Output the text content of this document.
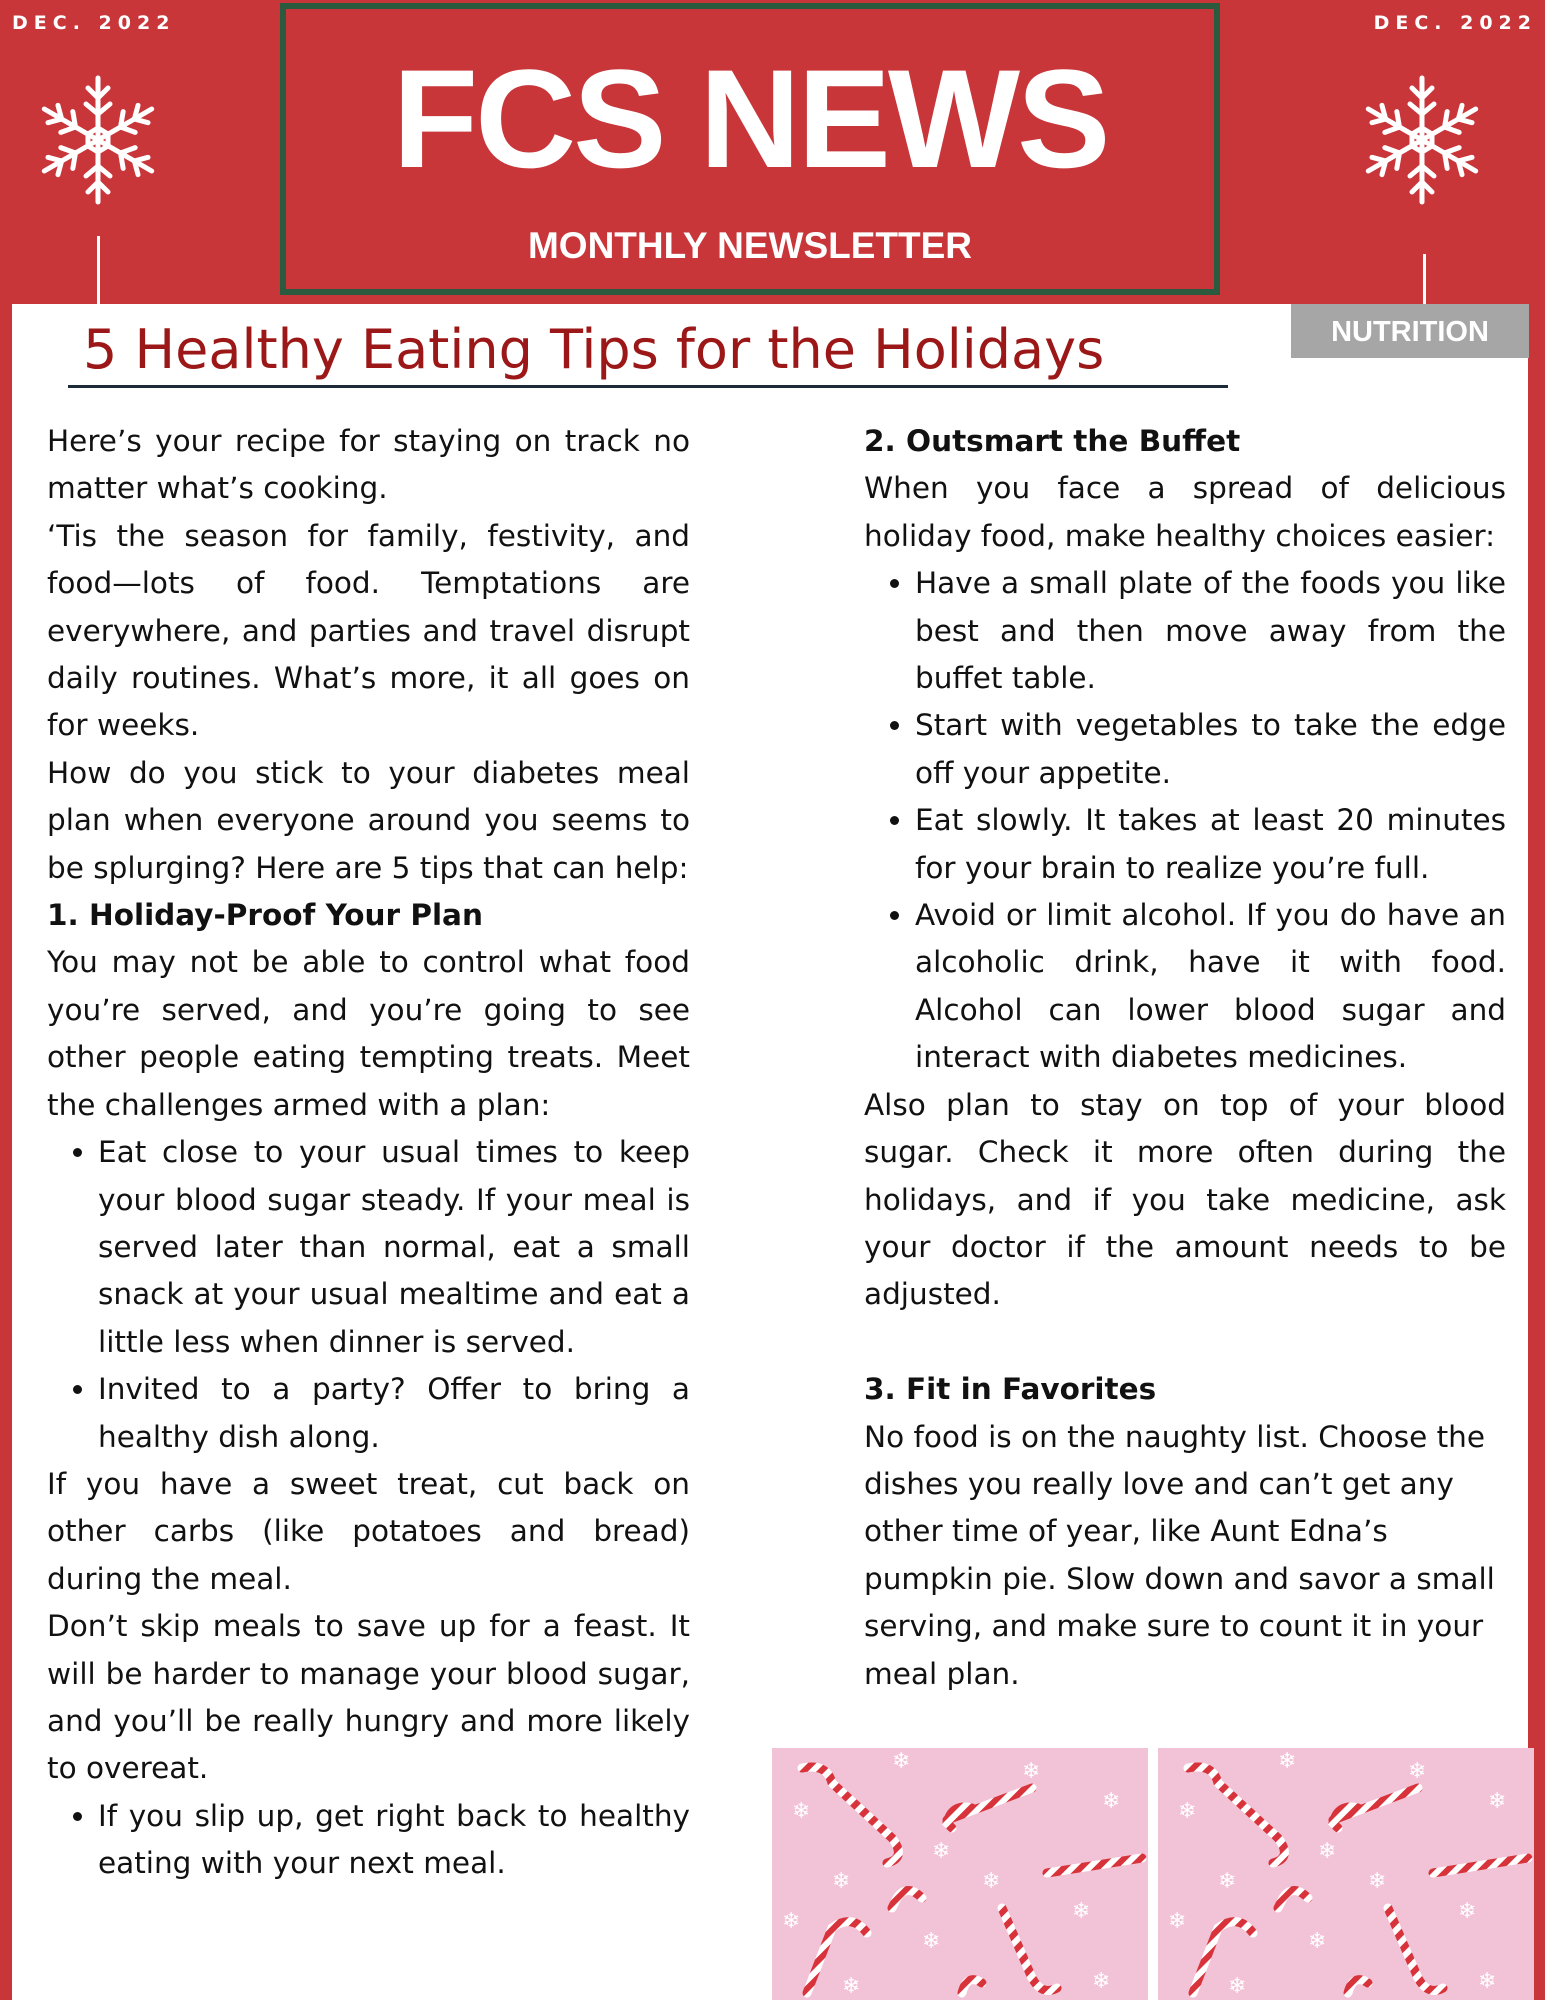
DEC. 2022	DEC. 2022
FCS NEWS
MONTHLY NEWSLETTER
NUTRITION
5 Healthy Eating Tips for the Holidays

Here’s your recipe for staying on track no matter what’s cooking.

‘Tis the season for family, festivity, and food—lots of food. Temptations are everywhere, and parties and travel disrupt daily routines. What’s more, it all goes on for weeks.

How do you stick to your diabetes meal plan when everyone around you seems to be splurging? Here are 5 tips that can help:

1. Holiday-Proof Your Plan

You may not be able to control what food you’re served, and you’re going to see other people eating tempting treats. Meet the challenges armed with a plan:

• Eat close to your usual times to keep your blood sugar steady. If your meal is served later than normal, eat a small snack at your usual mealtime and eat a little less when dinner is served.
• Invited to a party? Offer to bring a healthy dish along.

If you have a sweet treat, cut back on other carbs (like potatoes and bread) during the meal.

Don’t skip meals to save up for a feast. It will be harder to manage your blood sugar, and you’ll be really hungry and more likely to overeat.

• If you slip up, get right back to healthy eating with your next meal.
2. Outsmart the Buffet

When you face a spread of delicious holiday food, make healthy choices easier:

• Have a small plate of the foods you like best and then move away from the buffet table.
• Start with vegetables to take the edge off your appetite.
• Eat slowly. It takes at least 20 minutes for your brain to realize you’re full.
• Avoid or limit alcohol. If you do have an alcoholic drink, have it with food. Alcohol can lower blood sugar and interact with diabetes medicines.

Also plan to stay on top of your blood sugar. Check it more often during the holidays, and if you take medicine, ask your doctor if the amount needs to be adjusted.

3. Fit in Favorites

No food is on the naughty list. Choose the dishes you really love and can’t get any other time of year, like Aunt Edna’s pumpkin pie. Slow down and savor a small serving, and make sure to count it in your meal plan.

❄	❄
❄	❄
❄
❄	❄
❄
❄
❄	❄
❄
❄	❄
❄	❄
❄
❄	❄
❄
❄
❄	❄
❄
